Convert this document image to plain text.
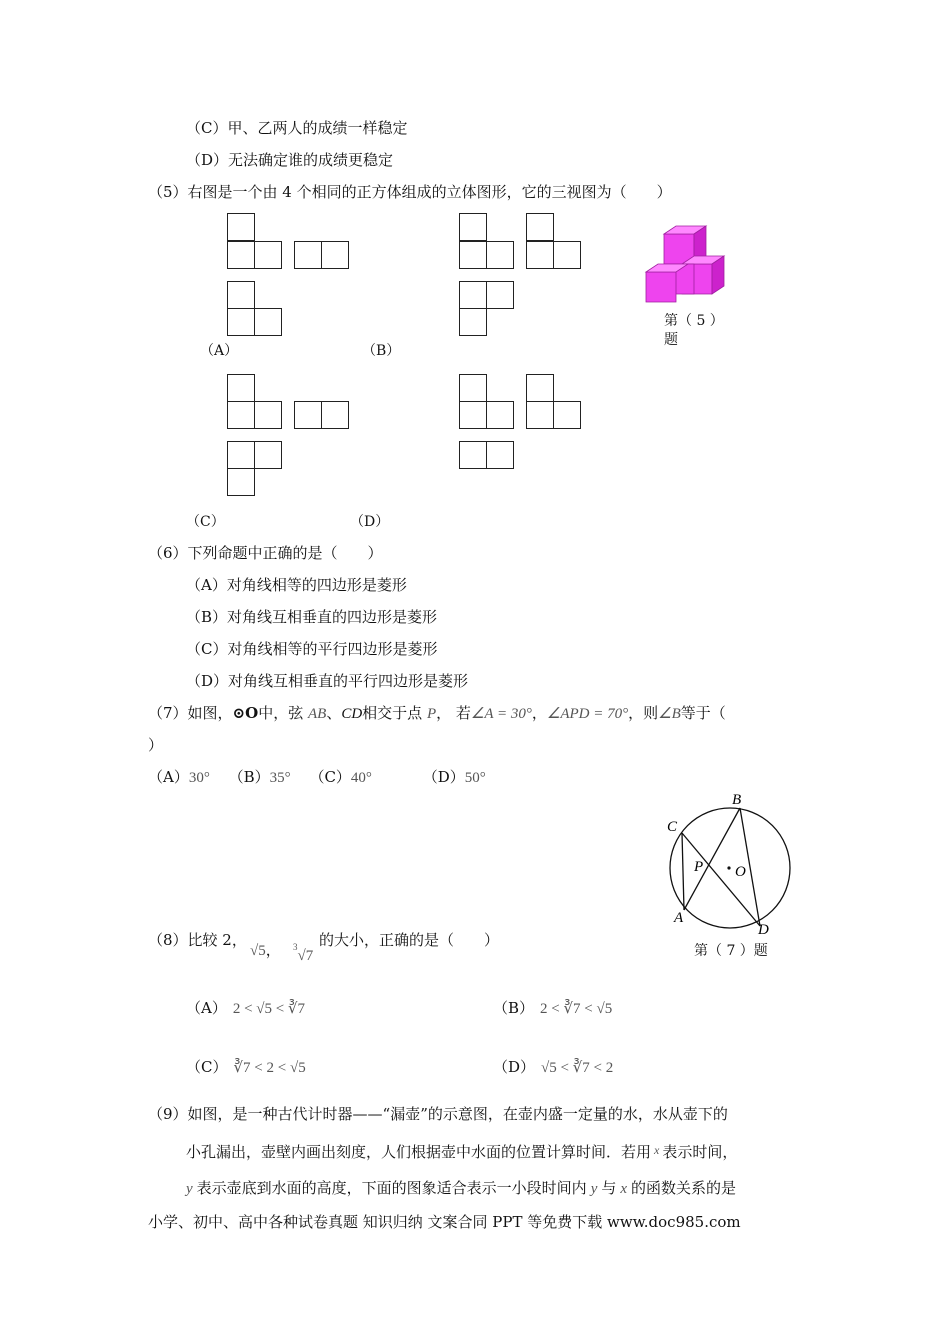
（C）甲、乙两人的成绩一样稳定
（D）无法确定谁的成绩更稳定
（5）右图是一个由 4 个相同的正方体组成的立体图形，它的三视图为（　　）
（A）	（B）
（C）	（D）
第（ 5 ）
题
（6）下列命题中正确的是（　　）
（A）对角线相等的四边形是菱形
（B）对角线互相垂直的四边形是菱形
（C）对角线相等的平行四边形是菱形
（D）对角线互相垂直的平行四边形是菱形
（7）如图，⊙O中，弦 AB、CD相交于点 P， 若∠A = 30°，∠APD = 70°，则∠B等于（
）
（A）30° （B）35° （C）40°	（D）50°
B
C
P O
A
D
第（ 7 ）题
（8）比较 2，
√5， $^3$√7
的大小，正确的是（　　）
（A） 2 < √5 < ∛7	（B） 2 < ∛7 < √5
（C） ∛7 < 2 < √5	（D） √5 < ∛7 < 2
（9）如图，是一种古代计时器——“漏壶”的示意图，在壶内盛一定量的水，水从壶下的
小孔漏出，壶壁内画出刻度，人们根据壶中水面的位置计算时间．若用 $^x$ 表示时间，
y 表示壶底到水面的高度，下面的图象适合表示一小段时间内 y 与 x 的函数关系的是
小学、初中、高中各种试卷真题 知识归纳 文案合同 PPT 等免费下载 www.doc985.com
